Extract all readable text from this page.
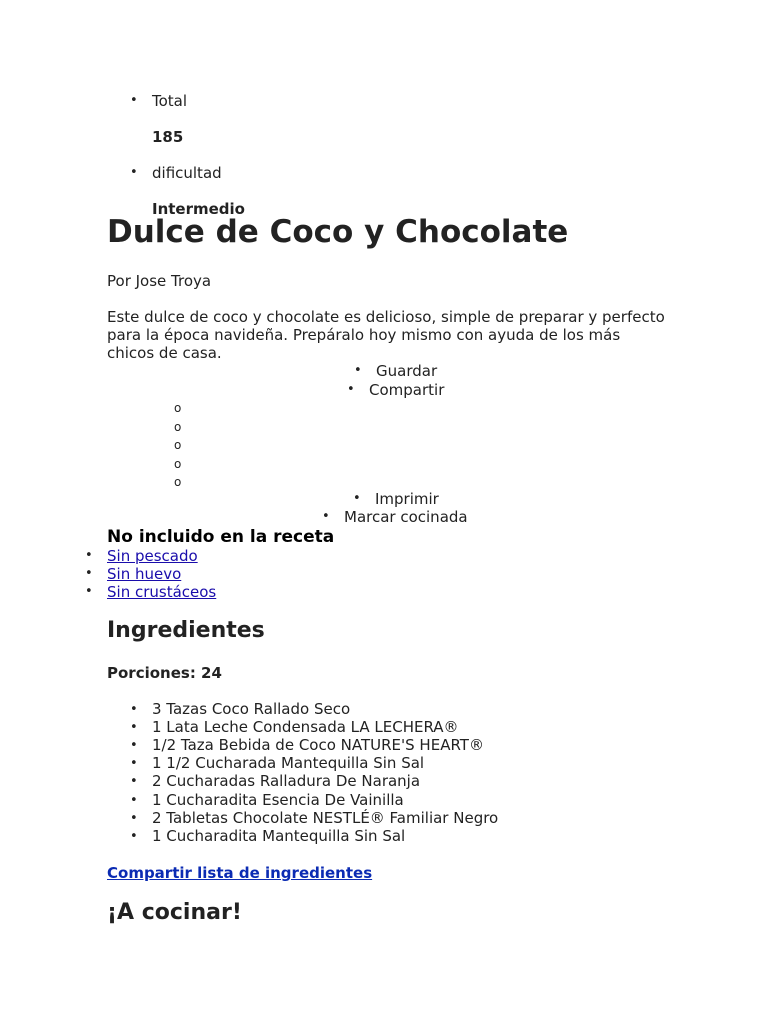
• Total
185
• dificultad
Intermedio
Dulce de Coco y Chocolate
Por Jose Troya
Este dulce de coco y chocolate es delicioso, simple de preparar y perfecto para la época navideña. Prepáralo hoy mismo con ayuda de los más chicos de casa.
• Guardar
• Compartir
o
o
o
o
o
• Imprimir
• Marcar cocinada
No incluido en la receta
• Sin pescado
• Sin huevo
• Sin crustáceos
Ingredientes
Porciones: 24
• 3 Tazas Coco Rallado Seco
• 1 Lata Leche Condensada LA LECHERA®
• 1/2 Taza Bebida de Coco NATURE'S HEART®
• 1 1/2 Cucharada Mantequilla Sin Sal
• 2 Cucharadas Ralladura De Naranja
• 1 Cucharadita Esencia De Vainilla
• 2 Tabletas Chocolate NESTLÉ® Familiar Negro
• 1 Cucharadita Mantequilla Sin Sal
Compartir lista de ingredientes
¡A cocinar!
